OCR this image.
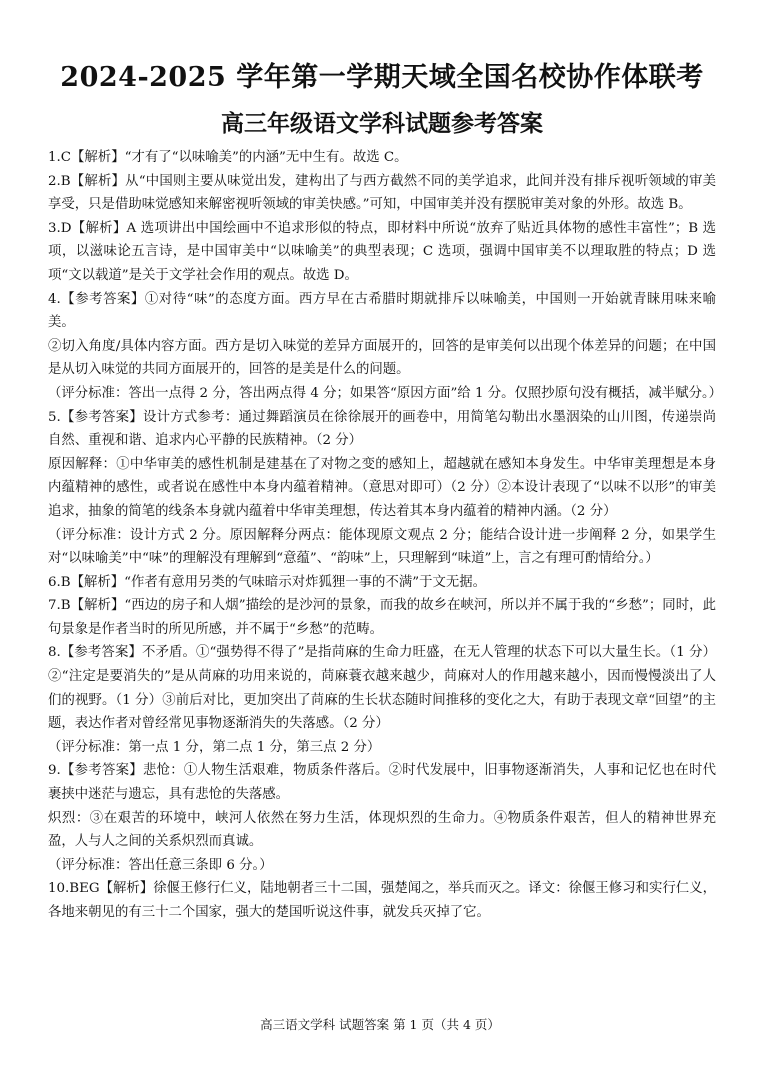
2024-2025 学年第一学期天域全国名校协作体联考
高三年级语文学科试题参考答案

1.C【解析】“才有了“以味喻美”的内涵”无中生有。故选 C。

2.B【解析】从“中国则主要从味觉出发，建构出了与西方截然不同的美学追求，此间并没有排斥视听领域的审美享受，只是借助味觉感知来解密视听领域的审美快感。”可知，中国审美并没有摆脱审美对象的外形。故选 B。

3.D【解析】A 选项讲出中国绘画中不追求形似的特点，即材料中所说“放弃了贴近具体物的感性丰富性”；B 选项，以滋味论五言诗，是中国审美中“以味喻美”的典型表现；C 选项，强调中国审美不以理取胜的特点；D 选项“文以载道”是关于文学社会作用的观点。故选 D。

4.【参考答案】①对待“味”的态度方面。西方早在古希腊时期就排斥以味喻美，中国则一开始就青睐用味来喻美。

②切入角度/具体内容方面。西方是切入味觉的差异方面展开的，回答的是审美何以出现个体差异的问题；在中国是从切入味觉的共同方面展开的，回答的是美是什么的问题。

（评分标准：答出一点得 2 分，答出两点得 4 分；如果答“原因方面”给 1 分。仅照抄原句没有概括，减半赋分。）

5.【参考答案】设计方式参考：通过舞蹈演员在徐徐展开的画卷中，用简笔勾勒出水墨洇染的山川图，传递崇尚自然、重视和谐、追求内心平静的民族精神。（2 分）

原因解释：①中华审美的感性机制是建基在了对物之变的感知上，超越就在感知本身发生。中华审美理想是本身内蕴精神的感性，或者说在感性中本身内蕴着精神。（意思对即可）（2 分）②本设计表现了“以味不以形”的审美追求，抽象的简笔的线条本身就内蕴着中华审美理想，传达着其本身内蕴着的精神内涵。（2 分）

（评分标准：设计方式 2 分。原因解释分两点：能体现原文观点 2 分；能结合设计进一步阐释 2 分，如果学生对“以味喻美”中“味”的理解没有理解到“意蕴”、“韵味”上，只理解到“味道”上，言之有理可酌情给分。）

6.B【解析】“作者有意用另类的气味暗示对炸狐狸一事的不满”于文无据。

7.B【解析】“西边的房子和人烟”描绘的是沙河的景象，而我的故乡在峡河，所以并不属于我的“乡愁”；同时，此句景象是作者当时的所见所感，并不属于“乡愁”的范畴。

8.【参考答案】不矛盾。①“强势得不得了”是指苘麻的生命力旺盛，在无人管理的状态下可以大量生长。（1 分）②“注定是要消失的”是从苘麻的功用来说的，苘麻蓑衣越来越少，苘麻对人的作用越来越小，因而慢慢淡出了人们的视野。（1 分）③前后对比，更加突出了苘麻的生长状态随时间推移的变化之大，有助于表现文章“回望”的主题，表达作者对曾经常见事物逐渐消失的失落感。（2 分）

（评分标准：第一点 1 分，第二点 1 分，第三点 2 分）

9.【参考答案】悲怆：①人物生活艰难，物质条件落后。②时代发展中，旧事物逐渐消失，人事和记忆也在时代裹挟中迷茫与遗忘，具有悲怆的失落感。

炽烈：③在艰苦的环境中，峡河人依然在努力生活，体现炽烈的生命力。④物质条件艰苦，但人的精神世界充盈，人与人之间的关系炽烈而真诚。

（评分标准：答出任意三条即 6 分。）

10.BEG【解析】徐偃王修行仁义，陆地朝者三十二国，强楚闻之，举兵而灭之。译文：徐偃王修习和实行仁义，各地来朝见的有三十二个国家，强大的楚国听说这件事，就发兵灭掉了它。

高三语文学科 试题答案 第 1 页（共 4 页）
